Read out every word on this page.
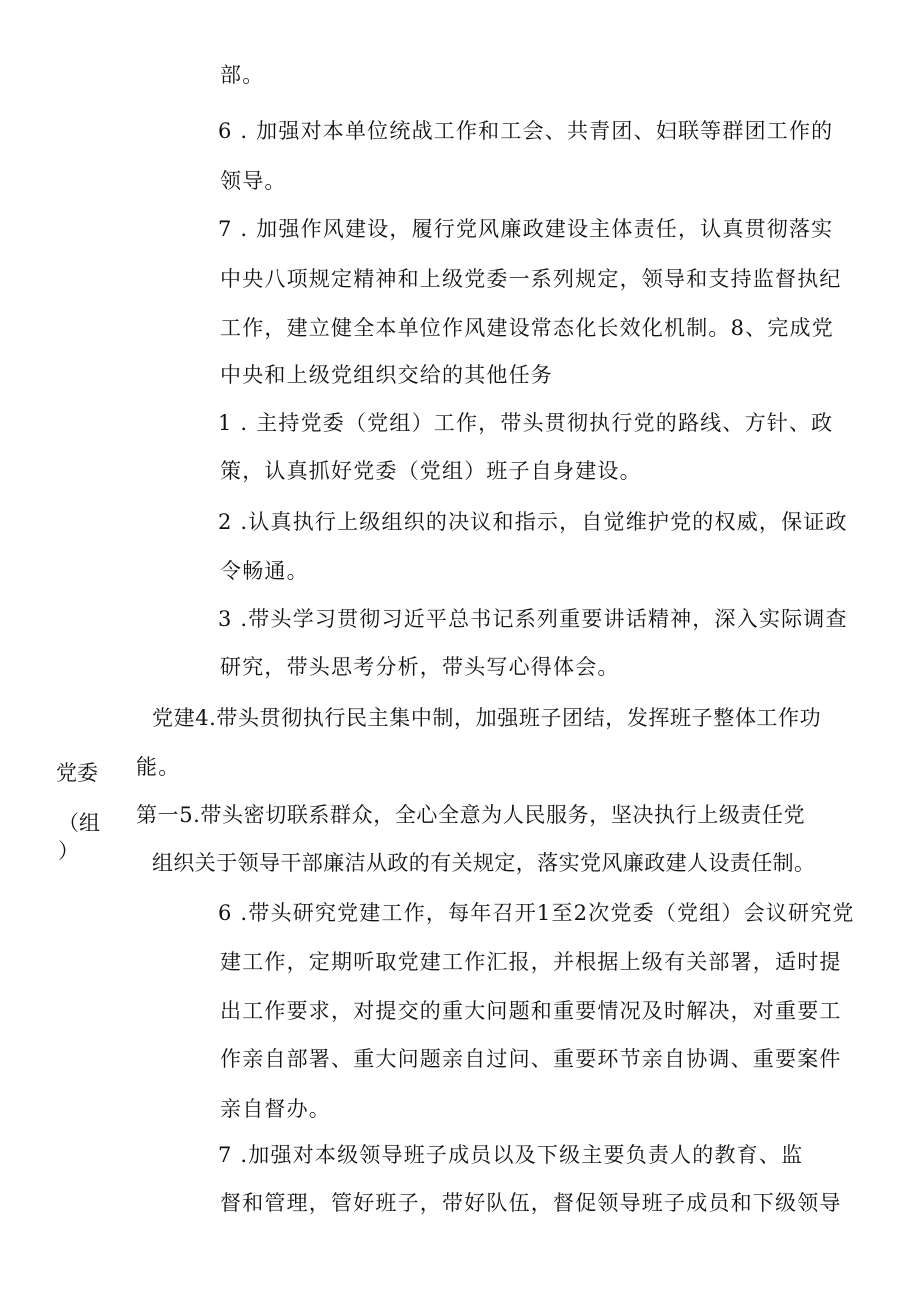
部。
6 . 加强对本单位统战工作和工会、共青团、妇联等群团工作的
领导。
7 . 加强作风建设，履行党风廉政建设主体责任，认真贯彻落实
中央八项规定精神和上级党委一系列规定，领导和支持监督执纪
工作，建立健全本单位作风建设常态化长效化机制。8、完成党
中央和上级党组织交给的其他任务
1 . 主持党委（党组）工作，带头贯彻执行党的路线、方针、政
策，认真抓好党委（党组）班子自身建设。
2 .认真执行上级组织的决议和指示，自觉维护党的权威，保证政
令畅通。
3 .带头学习贯彻习近平总书记系列重要讲话精神，深入实际调查
研究，带头思考分析，带头写心得体会。
党建4.带头贯彻执行民主集中制，加强班子团结，发挥班子整体工作功
能。
第一5.带头密切联系群众，全心全意为人民服务，坚决执行上级责任党
组织关于领导干部廉洁从政的有关规定，落实党风廉政建人设责任制。
6 .带头研究党建工作，每年召开1至2次党委（党组）会议研究党
建工作，定期听取党建工作汇报，并根据上级有关部署，适时提
出工作要求，对提交的重大问题和重要情况及时解决，对重要工
作亲自部署、重大问题亲自过问、重要环节亲自协调、重要案件
亲自督办。
7 .加强对本级领导班子成员以及下级主要负责人的教育、监
督和管理，管好班子，带好队伍，督促领导班子成员和下级领导
党委
（组
）
